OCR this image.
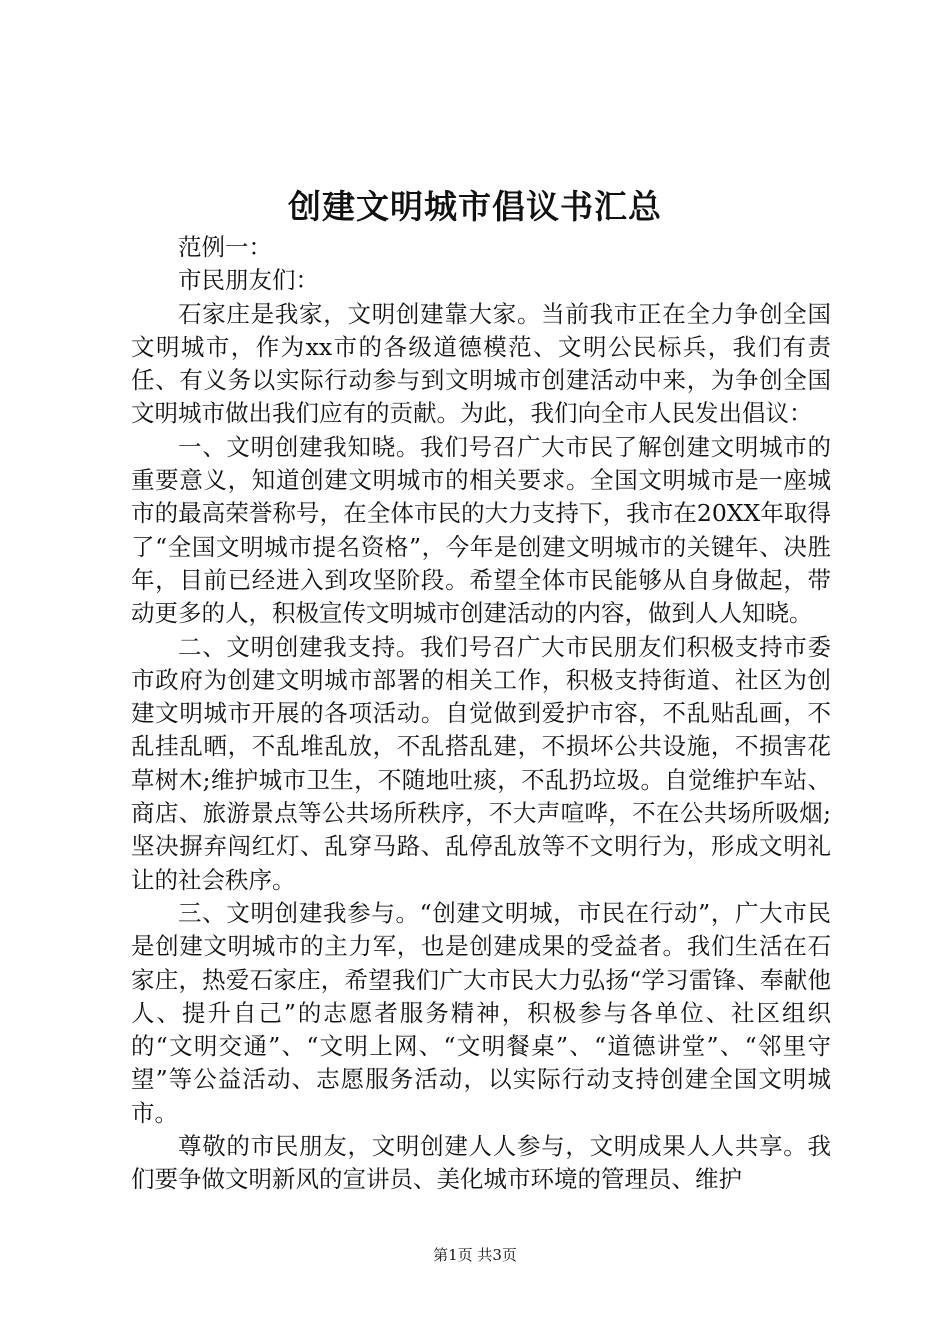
创建文明城市倡议书汇总

范例一：

市民朋友们：

石家庄是我家，文明创建靠大家。当前我市正在全力争创全国文明城市，作为xx市的各级道德模范、文明公民标兵，我们有责任、有义务以实际行动参与到文明城市创建活动中来，为争创全国文明城市做出我们应有的贡献。为此，我们向全市人民发出倡议：

一、文明创建我知晓。我们号召广大市民了解创建文明城市的重要意义，知道创建文明城市的相关要求。全国文明城市是一座城市的最高荣誉称号，在全体市民的大力支持下，我市在20XX年取得了“全国文明城市提名资格”，今年是创建文明城市的关键年、决胜年，目前已经进入到攻坚阶段。希望全体市民能够从自身做起，带动更多的人，积极宣传文明城市创建活动的内容，做到人人知晓。

二、文明创建我支持。我们号召广大市民朋友们积极支持市委市政府为创建文明城市部署的相关工作，积极支持街道、社区为创建文明城市开展的各项活动。自觉做到爱护市容，不乱贴乱画，不乱挂乱晒，不乱堆乱放，不乱搭乱建，不损坏公共设施，不损害花草树木;维护城市卫生，不随地吐痰，不乱扔垃圾。自觉维护车站、商店、旅游景点等公共场所秩序，不大声喧哗，不在公共场所吸烟;坚决摒弃闯红灯、乱穿马路、乱停乱放等不文明行为，形成文明礼让的社会秩序。

三、文明创建我参与。“创建文明城，市民在行动”，广大市民是创建文明城市的主力军，也是创建成果的受益者。我们生活在石家庄，热爱石家庄，希望我们广大市民大力弘扬“学习雷锋、奉献他人、提升自己”的志愿者服务精神，积极参与各单位、社区组织的“文明交通”、“文明上网、“文明餐桌”、“道德讲堂”、“邻里守望”等公益活动、志愿服务活动，以实际行动支持创建全国文明城市。

尊敬的市民朋友，文明创建人人参与，文明成果人人共享。我们要争做文明新风的宣讲员、美化城市环境的管理员、维护

第1页 共3页
